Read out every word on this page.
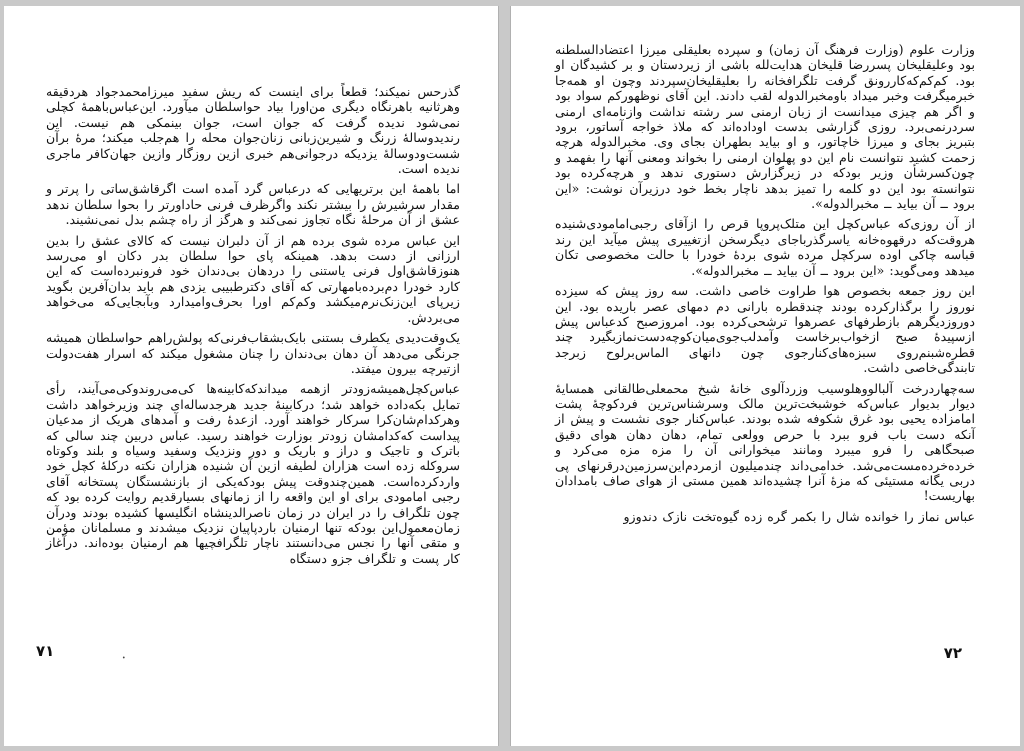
گذرحس نمیکند؛ قطعاً برای اینست که ریش سفید میرزامحمدجواد هردقیقه وهرثانیه باهرنگاه دیگری من‌اورا بیاد حواسلطان میآورد. این‌عباس‌باهمهٔ کچلی نمی‌شود ندیده گرفت که جوان است، جوان بینمکی هم نیست. این رندیدوسالهٔ زرنگ و شیرین‌زبانی زنان‌جوان محله را هم‌جلب میکند؛ مرهٔ برآن شست‌ودوسالهٔ یزدیکه درجوانی‌هم خبری ازین روزگار وازین جهان‌کافر ماجری ندیده است.

اما باهمهٔ این برتریهایی که درعباس گرد آمده است اگرقاشق‌ساتی را پرتر و مقدار سرشیرش را بیشتر نکند واگرظرف فرنی حاداورتر را بحوا سلطان ندهد عشق از آن مرحلهٔ نگاه تجاوز نمی‌کند و هرگز از راه چشم بدل نمی‌نشیند.

این عباس مرده شوی برده هم از آن دلبران نیست که کالای عشق را بدین ارزانی از دست بدهد. همینکه پای حوا سلطان بدر دکان او می‌رسد هنوزقاشق‌اول فرنی یاستنی را دردهان بی‌دندان خود فرونبرده‌است که این کارد خودرا دم‌برده‌بامهارتی که آقای دکترطبیبی یزدی هم باید بدان‌آفرین بگوید زیرپای این‌زنک‌نرم‌میکشد وکم‌کم اورا بحرف‌وامیدارد وبآبجایی‌که می‌خواهد می‌بردش.

یک‌وقت‌دیدی یکطرف بستنی بایک‌بشقاب‌فرنی‌که پولش‌راهم حواسلطان همیشه جرنگی می‌دهد آن دهان بی‌دندان را چنان مشغول میکند که اسرار هفت‌دولت ازتیرچه بیرون میفتد.

عباس‌کچل‌همیشه‌زودتر ازهمه میداندکه‌کابینه‌ها کی‌می‌روندوکی‌می‌آیند، رأی تمایل بکه‌داده خواهد شد؛ درکابینهٔ جدید هرجدساله‌ای چند وزیرخواهد داشت وهرکدام‌شان‌کرا سرکار خواهند آورد. ازعده‌ٔ رفت و آمدهای هریک از مدعیان پیداست که‌کدامشان زودتر بوزارت خواهند رسید. عباس دربین چند سالی که باترک و تاجیک و دراز و باریک و دور ونزدیک وسفید وسیاه و بلند وکوتاه سروکله زده است هزاران لطیفه ازین آن شنیده هزاران نکته درکلهٔ کچل خود واردکرده‌است. همین‌چندوقت پیش بودکه‌یکی از بازنشستگان پستخانه آقای رجبی امامودی برای او این واقعه را از زمانهای بسیارقدیم روایت کرده بود که چون تلگراف را در ایران در زمان ناصرالدینشاه انگلیسها کشیده بودند ودرآن زمان‌معمول‌این بودکه تنها ارمنیان باردپاپیان نزدیک میشدند و مسلمانان مؤمن و متقی آنها را نجس می‌دانستند ناچار تلگرافچیها هم ارمنیان بوده‌اند. درآغاز کار پست و تلگراف جزو دستگاه

•
۷۱

وزارت علوم (وزارت فرهنگ آن زمان) و سپرده بعلیقلی میرزا اعتضاد‌السلطنه بود وعلیقلیخان پسررضا قلیخان هدایت‌لله باشی از زیردستان و بر کشیدگان او بود. کم‌کم‌که‌کاررونق گرفت تلگرافخانه را بعلیقلیخان‌سپردند وچون او همه‌جا خبرمیگرفت وخبر میداد باومخبرالدوله لقب دادند. این آقای نوظهورکم سواد بود و اگر هم چیزی میدانست از زبان ارمنی سر رشته نداشت وازنامه‌ای ارمنی سردرنمی‌برد. روزی گزارشی بدست اوداده‌اند که ملاذ خواجه آساتور، برود بتبریز بجای و میرزا خاچاتور، و او بیاید بطهران بجای وی. مخبرالدوله هرچه زحمت کشید نتوانست نام این دو پهلوان ارمنی را بخواند ومعنی آنها را بفهمد و چون‌کسرشأن وزیر بودکه در زیرگزارش دستوری ندهد و هرچه‌کرده بود نتوانسته بود این دو کلمه را تمیز بدهد ناچار بخط خود درزیرآن نوشت: «این برود ــ آن بیاید ــ مخبرالدوله».

از آن روزی‌که عباس‌کچل این متلک‌پروپا قرص را ازآقای رجبی‌امامودی‌شنیده هروقت‌که درقهوه‌خانه یاسرگذرباجای دیگرسخن ازتغییری پیش میآید این رند قباسه چاکی اوده سرکچل مرده شوی بردهٔ خودرا با حالت مخصوصی تکان میدهد ومی‌گوید: «این برود ــ آن بیاید ــ مخبرالدوله».

این روز جمعه بخصوص هوا طراوت خاصی داشت. سه روز پیش که سیزده نوروز را برگذارکرده بودند چندقطره بارانی دم دمهای عصر باریده بود. این دوروزدیگرهم بازطرفهای عصرهوا ترشحی‌کرده بود. امروزصبح کدعباس پیش ازسپیدهٔ صبح ازخواب‌برخاست وآمدلب‌جوی‌میان‌کوچه‌دست‌نمازبگیرد چند قطره‌شبنم‌روی سبزه‌های‌کنارجوی چون دانهای الماس‌برلوح زبرجد تابندگی‌خاصی داشت.

سه‌چهاردرخت آلبالووهلوسیب وزردآلوی خانهٔ شیخ محمعلی‌طالقانی همسایهٔ دیوار بدیوار عباس‌که خوشبخت‌ترین مالک وسرشناس‌ترین فردکوچهٔ پشت امامزاده یحیی بود غرق شکوفه شده بودند. عباس‌کنار جوی نشست و پیش از آنکه دست باب فرو ببرد با حرص وولعی تمام، دهان دهان هوای دقیق صبحگاهی را فرو میبرد ومانند میخوارانی آن را مزه مزه می‌کرد و خرده‌خرده‌مست‌می‌شد. خدامی‌داند چندمیلیون ازمردم‌این‌سرزمین‌درقرنهای پی دربی یگانه مستیئی که مزهٔ آنرا چشیده‌اند همین مستی از هوای صاف بامدادان بهاریست!

عباس نماز را خوانده شال را بکمر گره زده گیوه‌تخت نازک دندوزو

۷۲
